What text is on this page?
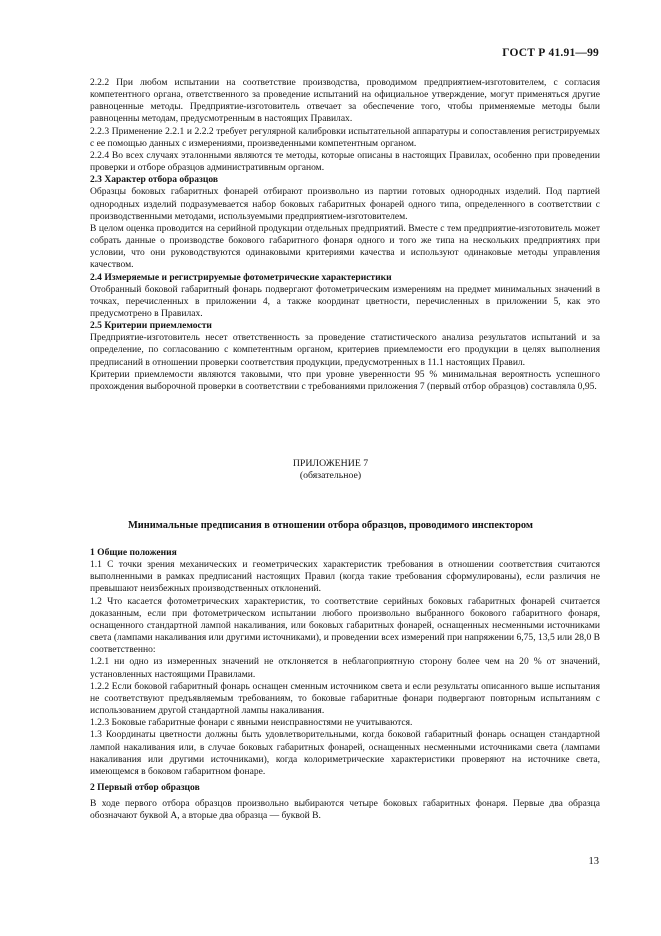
ГОСТ Р 41.91—99

2.2.2 При любом испытании на соответствие производства, проводимом предприятием-изготовителем, с согласия компетентного органа, ответственного за проведение испытаний на официальное утверждение, могут применяться другие равноценные методы. Предприятие-изготовитель отвечает за обеспечение того, чтобы применяемые методы были равноценны методам, предусмотренным в настоящих Правилах.

2.2.3 Применение 2.2.1 и 2.2.2 требует регулярной калибровки испытательной аппаратуры и сопоставления регистрируемых с ее помощью данных с измерениями, произведенными компетентным органом.

2.2.4 Во всех случаях эталонными являются те методы, которые описаны в настоящих Правилах, особенно при проведении проверки и отборе образцов административным органом.

2.3 Характер отбора образцов

Образцы боковых габаритных фонарей отбирают произвольно из партии готовых однородных изделий. Под партией однородных изделий подразумевается набор боковых габаритных фонарей одного типа, определенного в соответствии с производственными методами, используемыми предприятием-изготовителем.

В целом оценка проводится на серийной продукции отдельных предприятий. Вместе с тем предприятие-изготовитель может собрать данные о производстве бокового габаритного фонаря одного и того же типа на нескольких предприятиях при условии, что они руководствуются одинаковыми критериями качества и используют одинаковые методы управления качеством.

2.4 Измеряемые и регистрируемые фотометрические характеристики

Отобранный боковой габаритный фонарь подвергают фотометрическим измерениям на предмет минимальных значений в точках, перечисленных в приложении 4, а также координат цветности, перечисленных в приложении 5, как это предусмотрено в Правилах.

2.5 Критерии приемлемости

Предприятие-изготовитель несет ответственность за проведение статистического анализа результатов испытаний и за определение, по согласованию с компетентным органом, критериев приемлемости его продукции в целях выполнения предписаний в отношении проверки соответствия продукции, предусмотренных в 11.1 настоящих Правил.

Критерии приемлемости являются таковыми, что при уровне уверенности 95 % минимальная вероятность успешного прохождения выборочной проверки в соответствии с требованиями приложения 7 (первый отбор образцов) составляла 0,95.

ПРИЛОЖЕНИЕ 7
(обязательное)
Минимальные предписания в отношении отбора образцов, проводимого инспектором

1 Общие положения

1.1 С точки зрения механических и геометрических характеристик требования в отношении соответствия считаются выполненными в рамках предписаний настоящих Правил (когда такие требования сформулированы), если различия не превышают неизбежных производственных отклонений.

1.2 Что касается фотометрических характеристик, то соответствие серийных боковых габаритных фонарей считается доказанным, если при фотометрическом испытании любого произвольно выбранного бокового габаритного фонаря, оснащенного стандартной лампой накаливания, или боковых габаритных фонарей, оснащенных несменными источниками света (лампами накаливания или другими источниками), и проведении всех измерений при напряжении 6,75, 13,5 или 28,0 В соответственно:

1.2.1 ни одно из измеренных значений не отклоняется в неблагоприятную сторону более чем на 20 % от значений, установленных настоящими Правилами.

1.2.2 Если боковой габаритный фонарь оснащен сменным источником света и если результаты описанного выше испытания не соответствуют предъявляемым требованиям, то боковые габаритные фонари подвергают повторным испытаниям с использованием другой стандартной лампы накаливания.

1.2.3 Боковые габаритные фонари с явными неисправностями не учитываются.

1.3 Координаты цветности должны быть удовлетворительными, когда боковой габаритный фонарь оснащен стандартной лампой накаливания или, в случае боковых габаритных фонарей, оснащенных несменными источниками света (лампами накаливания или другими источниками), когда колориметрические характеристики проверяют на источнике света, имеющемся в боковом габаритном фонаре.

2 Первый отбор образцов

В ходе первого отбора образцов произвольно выбираются четыре боковых габаритных фонаря. Первые два образца обозначают буквой А, а вторые два образца — буквой В.

13
